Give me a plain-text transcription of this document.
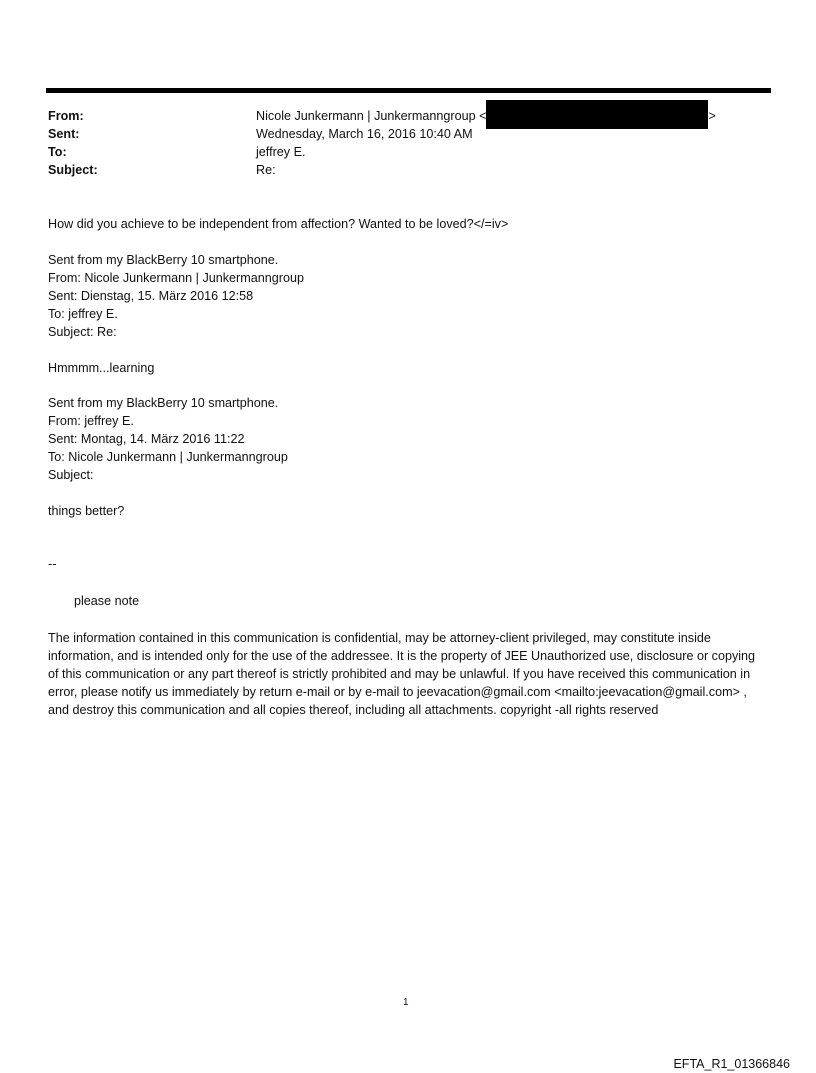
From:	Nicole Junkermann | Junkermanngroup <	>
Sent:	Wednesday, March 16, 2016 10:40 AM
To:	jeffrey E.
Subject:	Re:
How did you achieve to be independent from affection? Wanted to be loved?</=iv>
Sent from my BlackBerry 10 smartphone.
From: Nicole Junkermann | Junkermanngroup
Sent: Dienstag, 15. März 2016 12:58
To: jeffrey E.
Subject: Re:
Hmmmm...learning
Sent from my BlackBerry 10 smartphone.
From: jeffrey E.
Sent: Montag, 14. März 2016 11:22
To: Nicole Junkermann | Junkermanngroup
Subject:
things better?
--
please note
The information contained in this communication is confidential, may be attorney-client privileged, may constitute inside information, and is intended only for the use of the addressee. It is the property of JEE Unauthorized use, disclosure or copying of this communication or any part thereof is strictly prohibited and may be unlawful. If you have received this communication in error, please notify us immediately by return e-mail or by e-mail to jeevacation@gmail.com <mailto:jeevacation@gmail.com> , and destroy this communication and all copies thereof, including all attachments. copyright -all rights reserved
1
EFTA_R1_01366846
